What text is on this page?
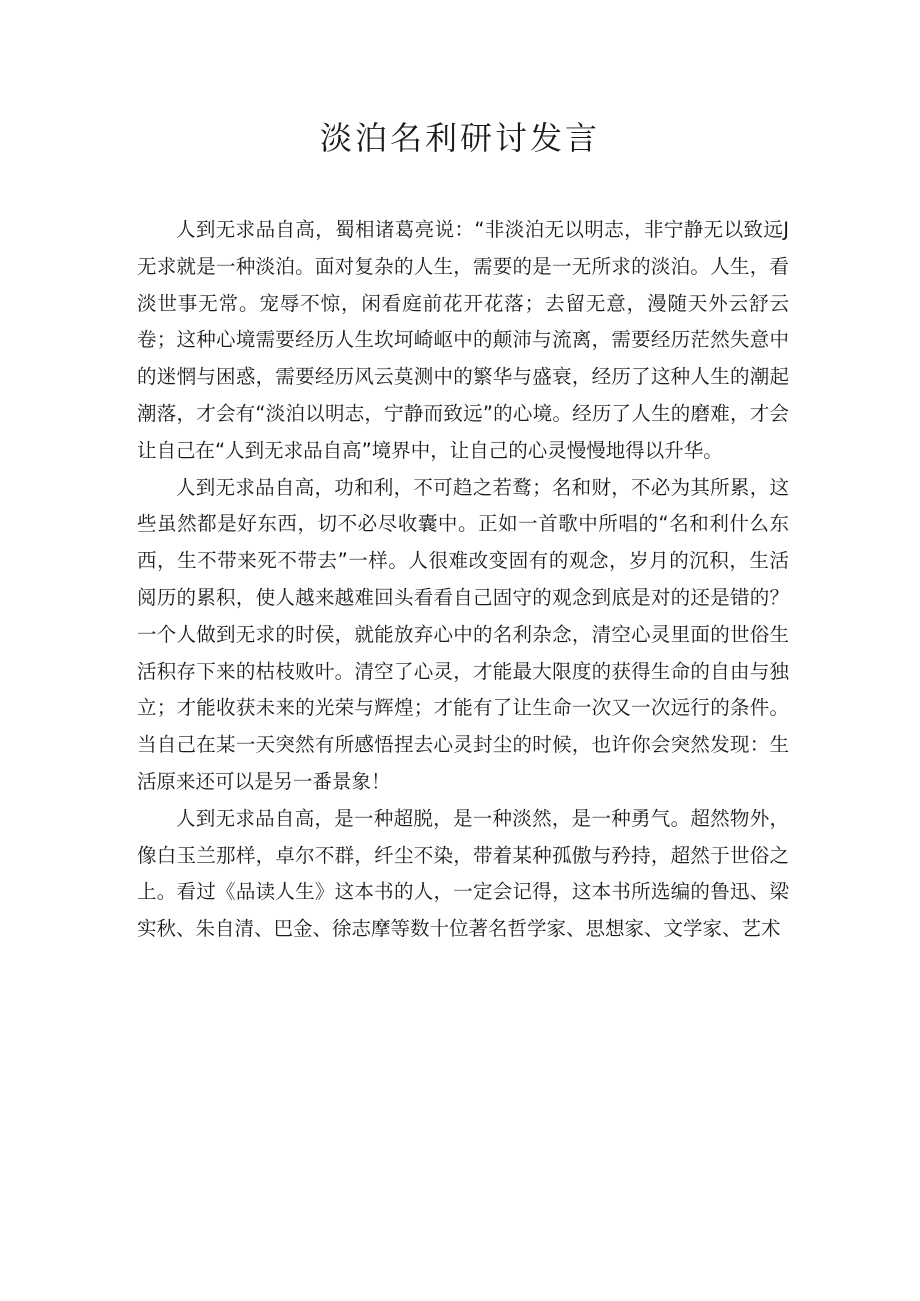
淡泊名利研讨发言

人到无求品自高，蜀相诸葛亮说：“非淡泊无以明志，非宁静无以致远J无求就是一种淡泊。面对复杂的人生，需要的是一无所求的淡泊。人生，看淡世事无常。宠辱不惊，闲看庭前花开花落；去留无意，漫随天外云舒云卷；这种心境需要经历人生坎坷崎岖中的颠沛与流离，需要经历茫然失意中的迷惘与困惑，需要经历风云莫测中的繁华与盛衰，经历了这种人生的潮起潮落，才会有“淡泊以明志，宁静而致远”的心境。经历了人生的磨难，才会让自己在“人到无求品自高”境界中，让自己的心灵慢慢地得以升华。

人到无求品自高，功和利，不可趋之若鹜；名和财，不必为其所累，这些虽然都是好东西，切不必尽收囊中。正如一首歌中所唱的“名和利什么东西，生不带来死不带去”一样。人很难改变固有的观念，岁月的沉积，生活阅历的累积，使人越来越难回头看看自己固守的观念到底是对的还是错的？一个人做到无求的时侯，就能放弃心中的名利杂念，清空心灵里面的世俗生活积存下来的枯枝败叶。清空了心灵，才能最大限度的获得生命的自由与独立；才能收获未来的光荣与辉煌；才能有了让生命一次又一次远行的条件。当自己在某一天突然有所感悟捏去心灵封尘的时候，也许你会突然发现：生活原来还可以是另一番景象！

人到无求品自高，是一种超脱，是一种淡然，是一种勇气。超然物外，像白玉兰那样，卓尔不群，纤尘不染，带着某种孤傲与矜持，超然于世俗之上。看过《品读人生》这本书的人，一定会记得，这本书所选编的鲁迅、梁实秋、朱自清、巴金、徐志摩等数十位著名哲学家、思想家、文学家、艺术
